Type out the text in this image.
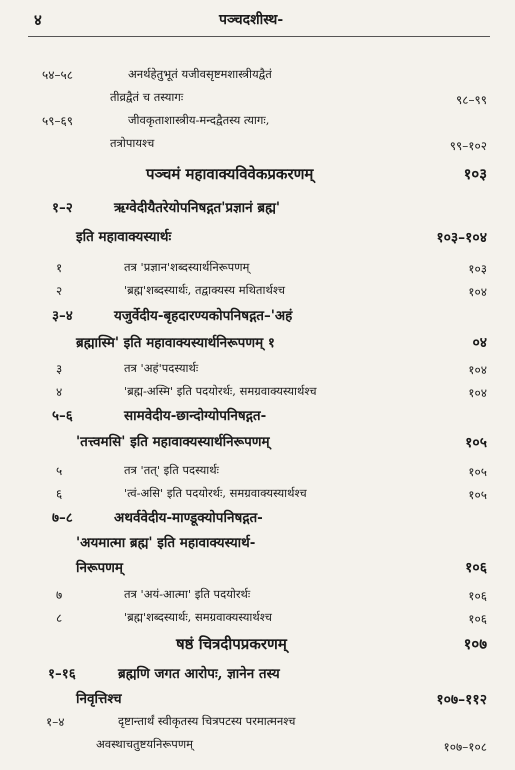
४	पञ्चदशीस्थ-
५४–५८	अनर्थहेतुभूतं यजीवसृष्टमशास्त्रीयद्वैतं
तीव्रद्वैतं च तस्यागः	९८–९९
५९–६९	जीवकृताशास्त्रीय-मन्दद्वैतस्य त्यागः,
तत्रोपायश्च	९९–१०२
पञ्चमं महावाक्यविवेकप्रकरणम्	१०३
१–२	ऋग्वेदीयैतरेयोपनिषद्गत'प्रज्ञानं ब्रह्म'
इति महावाक्यस्यार्थः	१०३–१०४
१	तत्र 'प्रज्ञान'शब्दस्यार्थनिरूपणम्	१०३
२	'ब्रह्म'शब्दस्यार्थः, तद्वाक्यस्य मथितार्थश्च	१०४
३–४	यजुर्वेदीय-बृहदारण्यकोपनिषद्गत–'अहं
ब्रह्मास्मि' इति महावाक्यस्यार्थनिरूपणम् १	०४
३	तत्र 'अहं'पदस्यार्थः	१०४
४	'ब्रह्म-अस्मि' इति पदयोरर्थः, समग्रवाक्यस्यार्थश्च	१०४
५–६	सामवेदीय-छान्दोग्योपनिषद्गत-
'तत्त्वमसि' इति महावाक्यस्यार्थनिरूपणम्	१०५
५	तत्र 'तत्' इति पदस्यार्थः	१०५
६	'त्वं-असि' इति पदयोरर्थः, समग्रवाक्यस्यार्थश्च	१०५
७–८	अथर्ववेदीय-माण्डूक्योपनिषद्गत-
'अयमात्मा ब्रह्म' इति महावाक्यस्यार्थ-
निरूपणम्	१०६
७	तत्र 'अयं-आत्मा' इति पदयोरर्थः	१०६
८	'ब्रह्म'शब्दस्यार्थः, समग्रवाक्यस्यार्थश्च	१०६
षष्ठं चित्रदीपप्रकरणम्	१०७
१–१६	ब्रह्मणि जगत आरोपः, ज्ञानेन तस्य
निवृत्तिश्च	१०७–११२
१–४	दृष्टान्तार्थं स्वीकृतस्य चित्रपटस्य परमात्मनश्च
अवस्थाचतुष्टयनिरूपणम्	१०७–१०८
